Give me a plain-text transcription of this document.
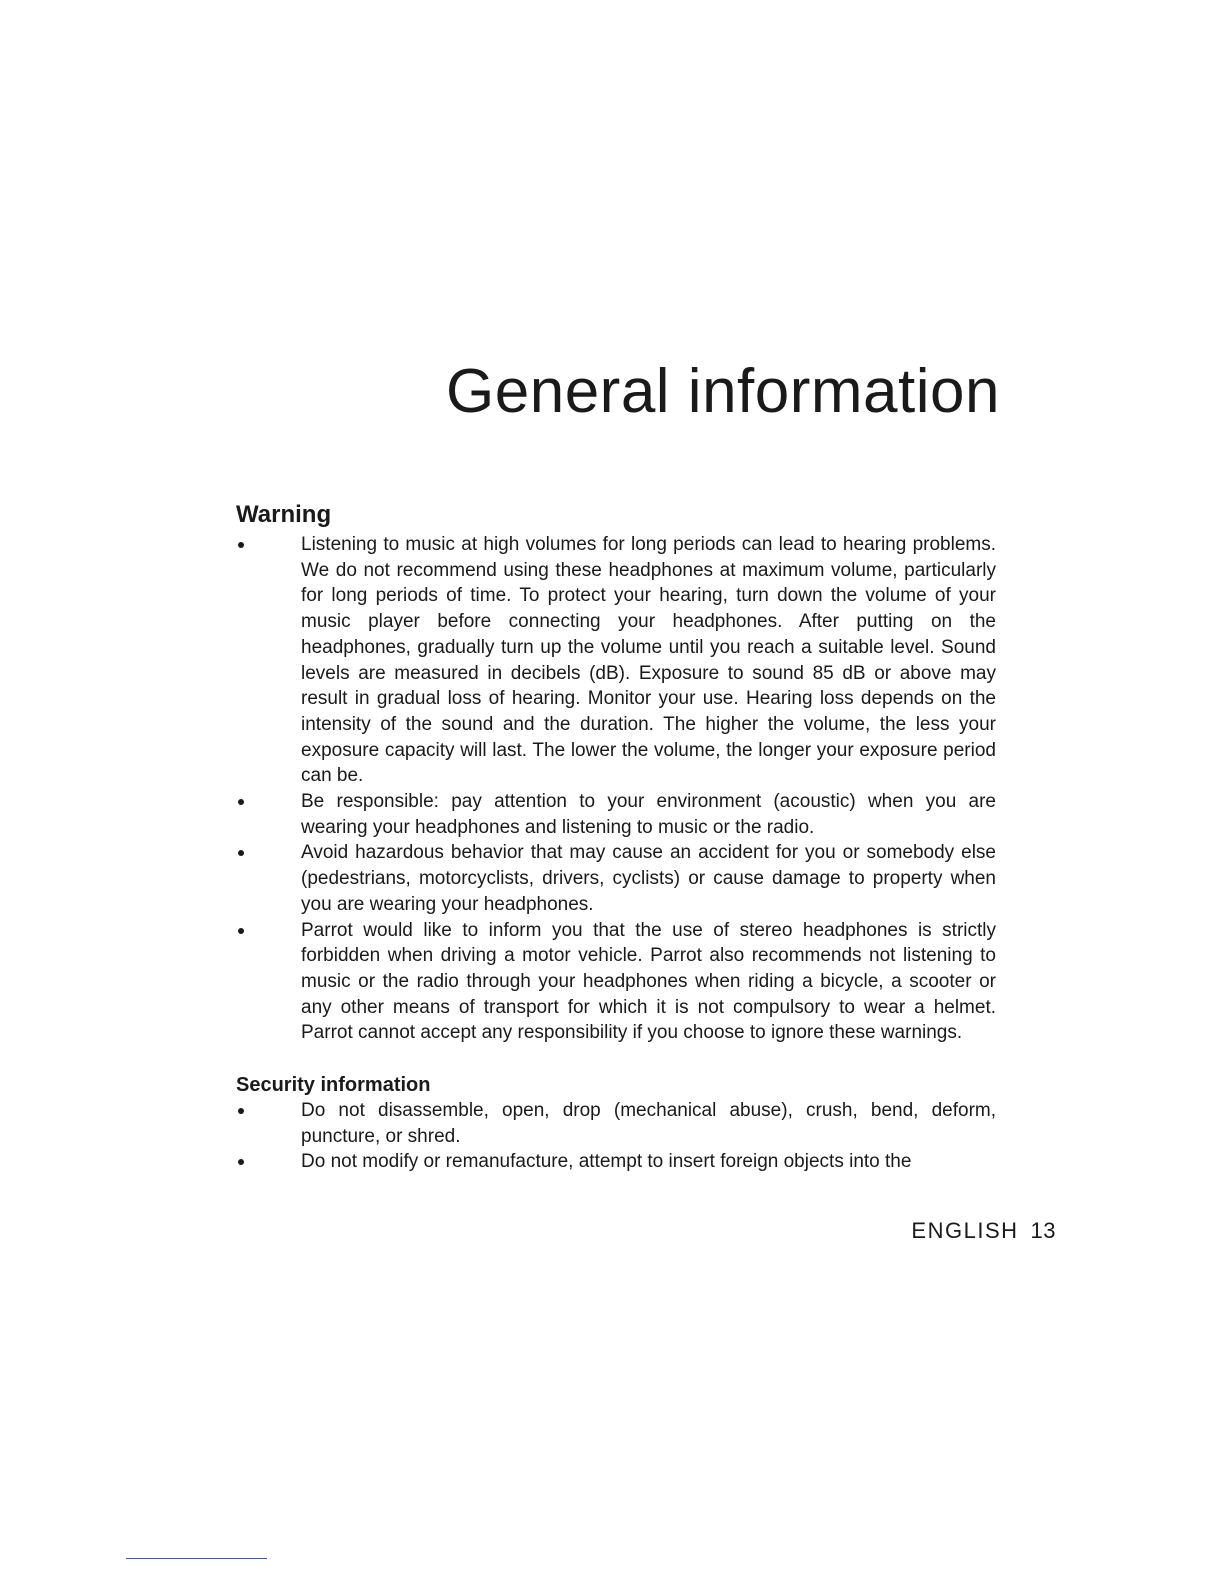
General information
Warning
Listening to music at high volumes for long periods can lead to hearing problems. We do not recommend using these headphones at maximum volume, particularly for long periods of time. To protect your hearing, turn down the volume of your music player before connecting your headphones. After putting on the headphones, gradually turn up the volume until you reach a suitable level. Sound levels are measured in decibels (dB). Exposure to sound 85 dB or above may result in gradual loss of hearing. Monitor your use. Hearing loss depends on the intensity of the sound and the duration. The higher the volume, the less your exposure capacity will last. The lower the volume, the longer your exposure period can be.
Be responsible: pay attention to your environment (acoustic) when you are wearing your headphones and listening to music or the radio.
Avoid hazardous behavior that may cause an accident for you or somebody else (pedestrians, motorcyclists, drivers, cyclists) or cause damage to property when you are wearing your headphones.
Parrot would like to inform you that the use of stereo headphones is strictly forbidden when driving a motor vehicle. Parrot also recommends not listening to music or the radio through your headphones when riding a bicycle, a scooter or any other means of transport for which it is not compulsory to wear a helmet. Parrot cannot accept any responsibility if you choose to ignore these warnings.
Security information
Do not disassemble, open, drop (mechanical abuse), crush, bend, deform, puncture, or shred.
Do not modify or remanufacture, attempt to insert foreign objects into the
ENGLISH 13
